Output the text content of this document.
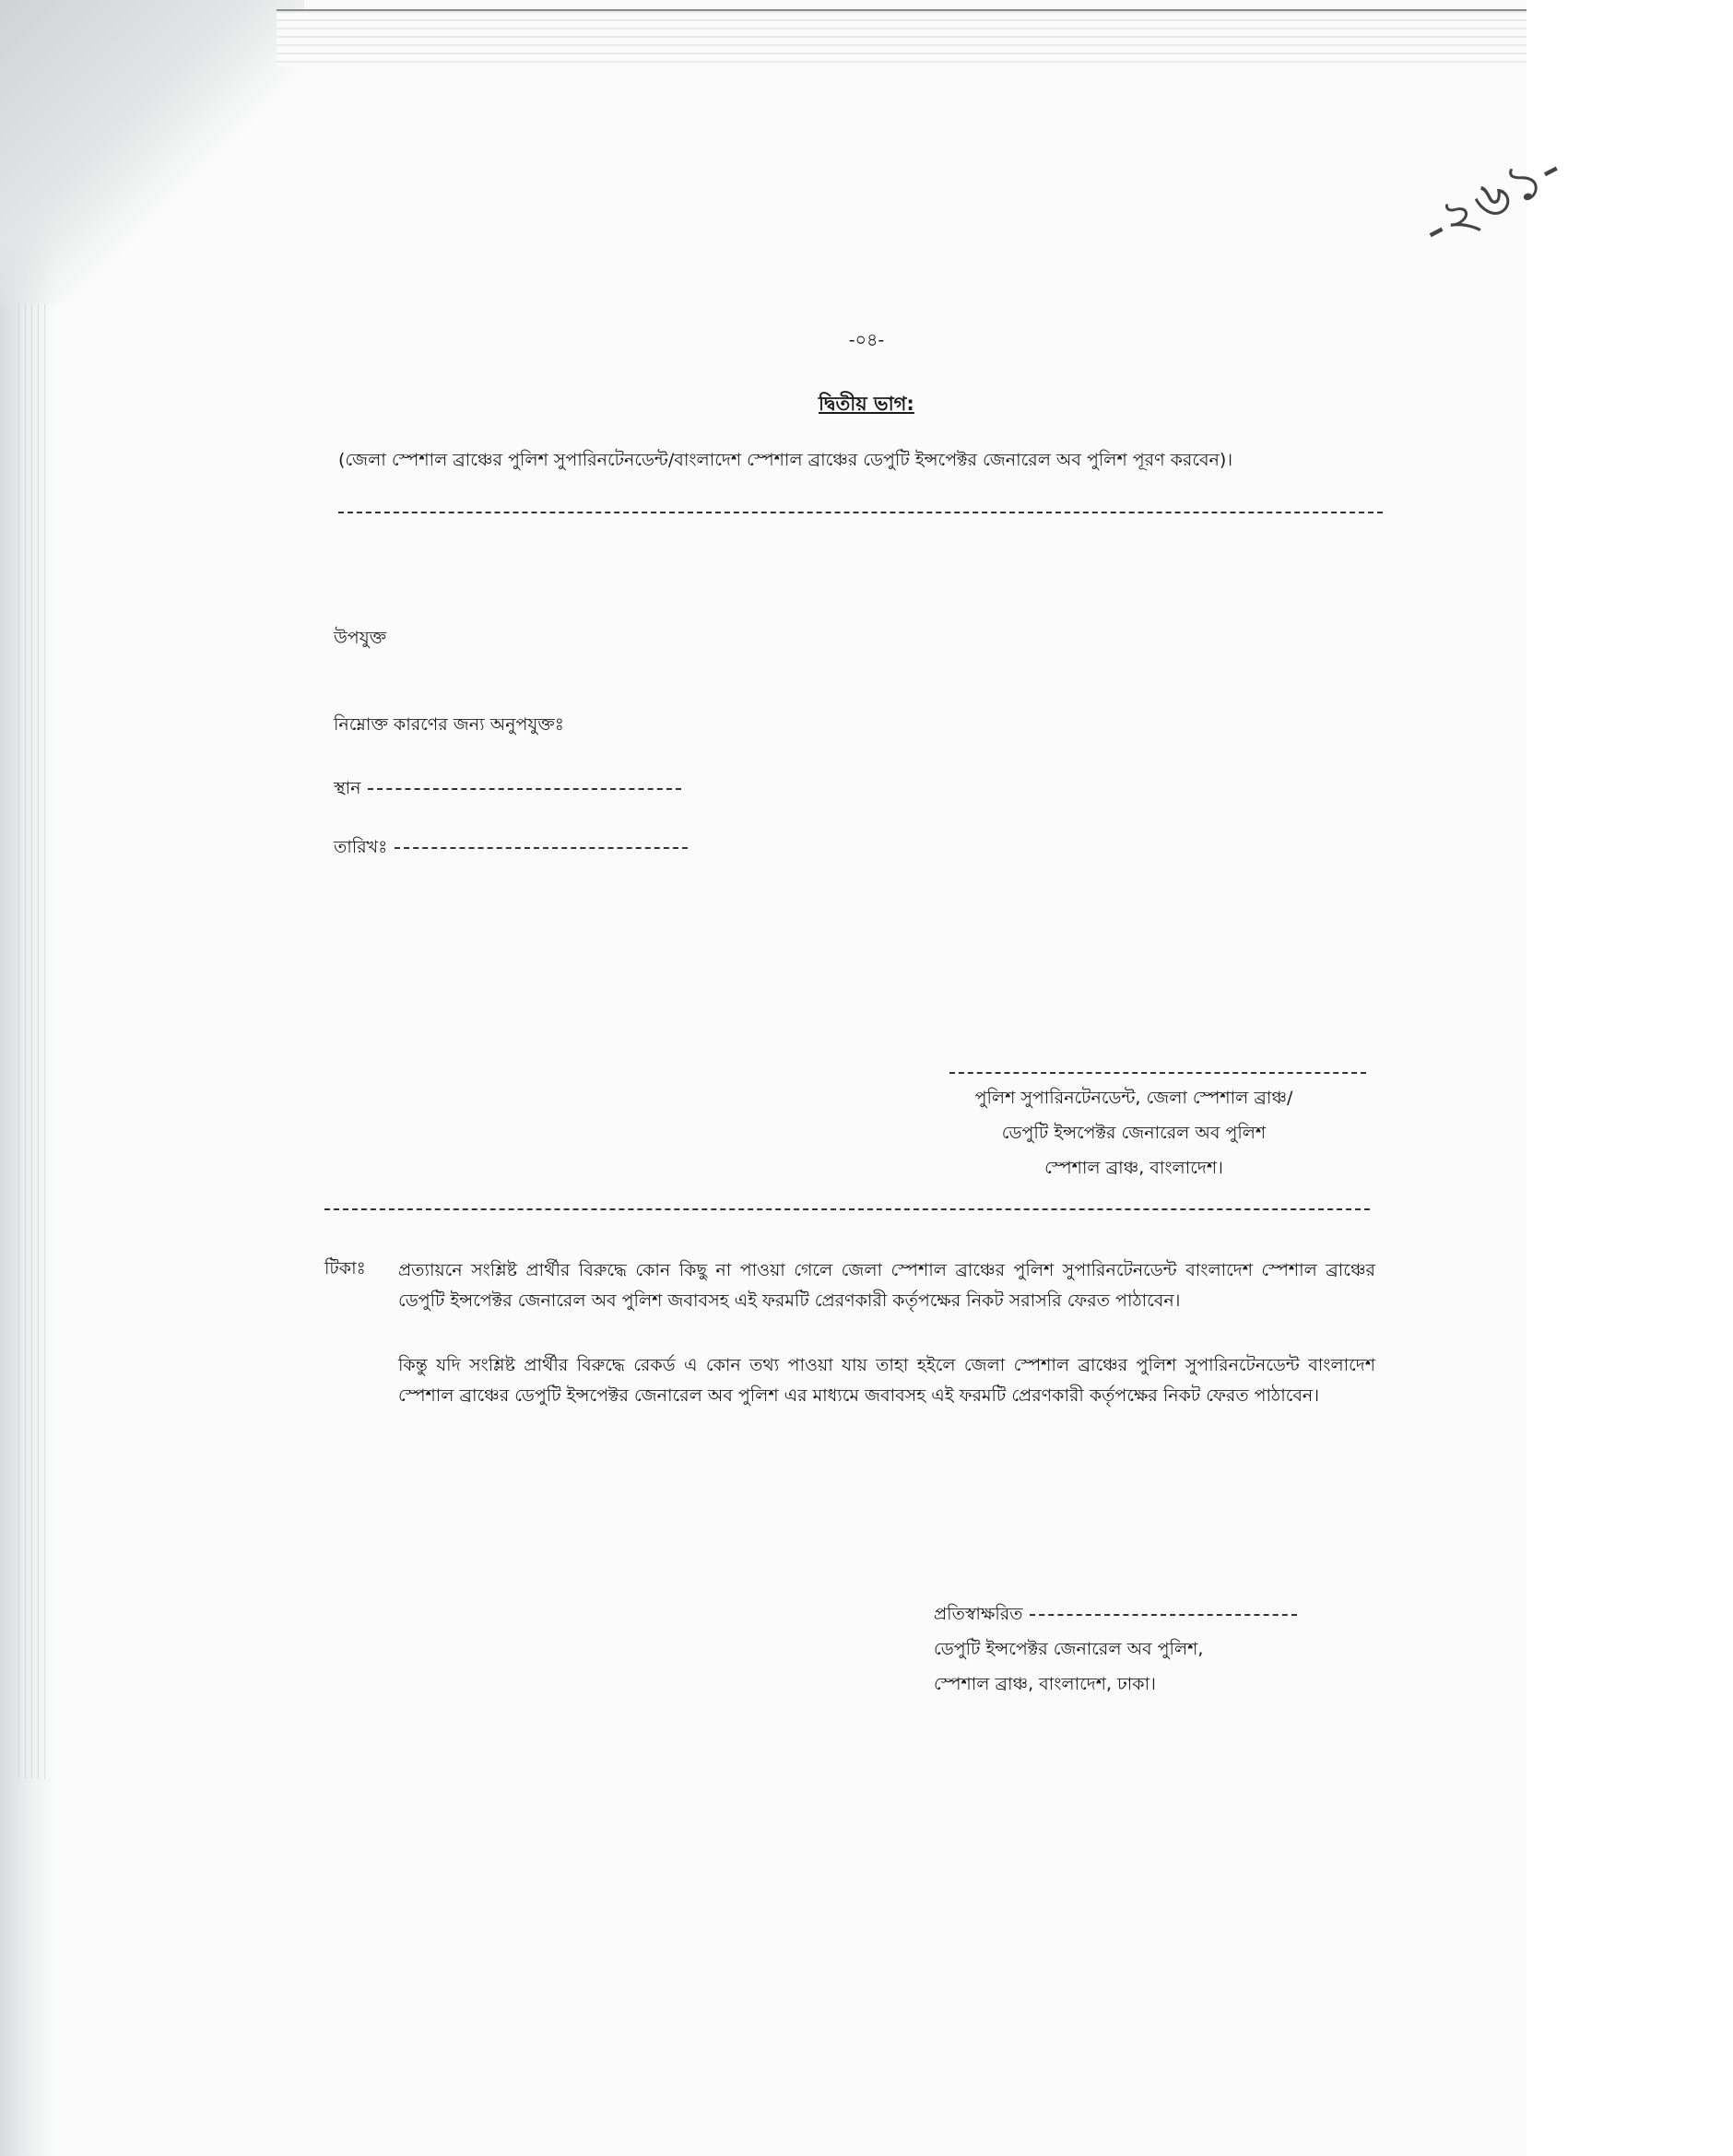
-২৬১-
-০৪-
দ্বিতীয় ভাগ:
(জেলা স্পেশাল ব্রাঞ্চের পুলিশ সুপারিনটেনডেন্ট/বাংলাদেশ স্পেশাল ব্রাঞ্চের ডেপুটি ইন্সপেক্টর জেনারেল অব পুলিশ পূরণ করবেন)।
উপযুক্ত
নিম্নোক্ত কারণের জন্য অনুপযুক্তঃ
স্থান
তারিখঃ
পুলিশ সুপারিনটেনডেন্ট, জেলা স্পেশাল ব্রাঞ্চ/
ডেপুটি ইন্সপেক্টর জেনারেল অব পুলিশ
স্পেশাল ব্রাঞ্চ, বাংলাদেশ।
টিকাঃ প্রত্যায়নে সংশ্লিষ্ট প্রার্থীর বিরুদ্ধে কোন কিছু না পাওয়া গেলে জেলা স্পেশাল ব্রাঞ্চের পুলিশ সুপারিনটেনডেন্ট বাংলাদেশ স্পেশাল ব্রাঞ্চের ডেপুটি ইন্সপেক্টর জেনারেল অব পুলিশ জবাবসহ এই ফরমটি প্রেরণকারী কর্তৃপক্ষের নিকট সরাসরি ফেরত পাঠাবেন।
কিন্তু যদি সংশ্লিষ্ট প্রার্থীর বিরুদ্ধে রেকর্ড এ কোন তথ্য পাওয়া যায় তাহা হইলে জেলা স্পেশাল ব্রাঞ্চের পুলিশ সুপারিনটেনডেন্ট বাংলাদেশ স্পেশাল ব্রাঞ্চের ডেপুটি ইন্সপেক্টর জেনারেল অব পুলিশ এর মাধ্যমে জবাবসহ এই ফরমটি প্রেরণকারী কর্তৃপক্ষের নিকট ফেরত পাঠাবেন।
প্রতিস্বাক্ষরিত
ডেপুটি ইন্সপেক্টর জেনারেল অব পুলিশ,
স্পেশাল ব্রাঞ্চ, বাংলাদেশ, ঢাকা।
